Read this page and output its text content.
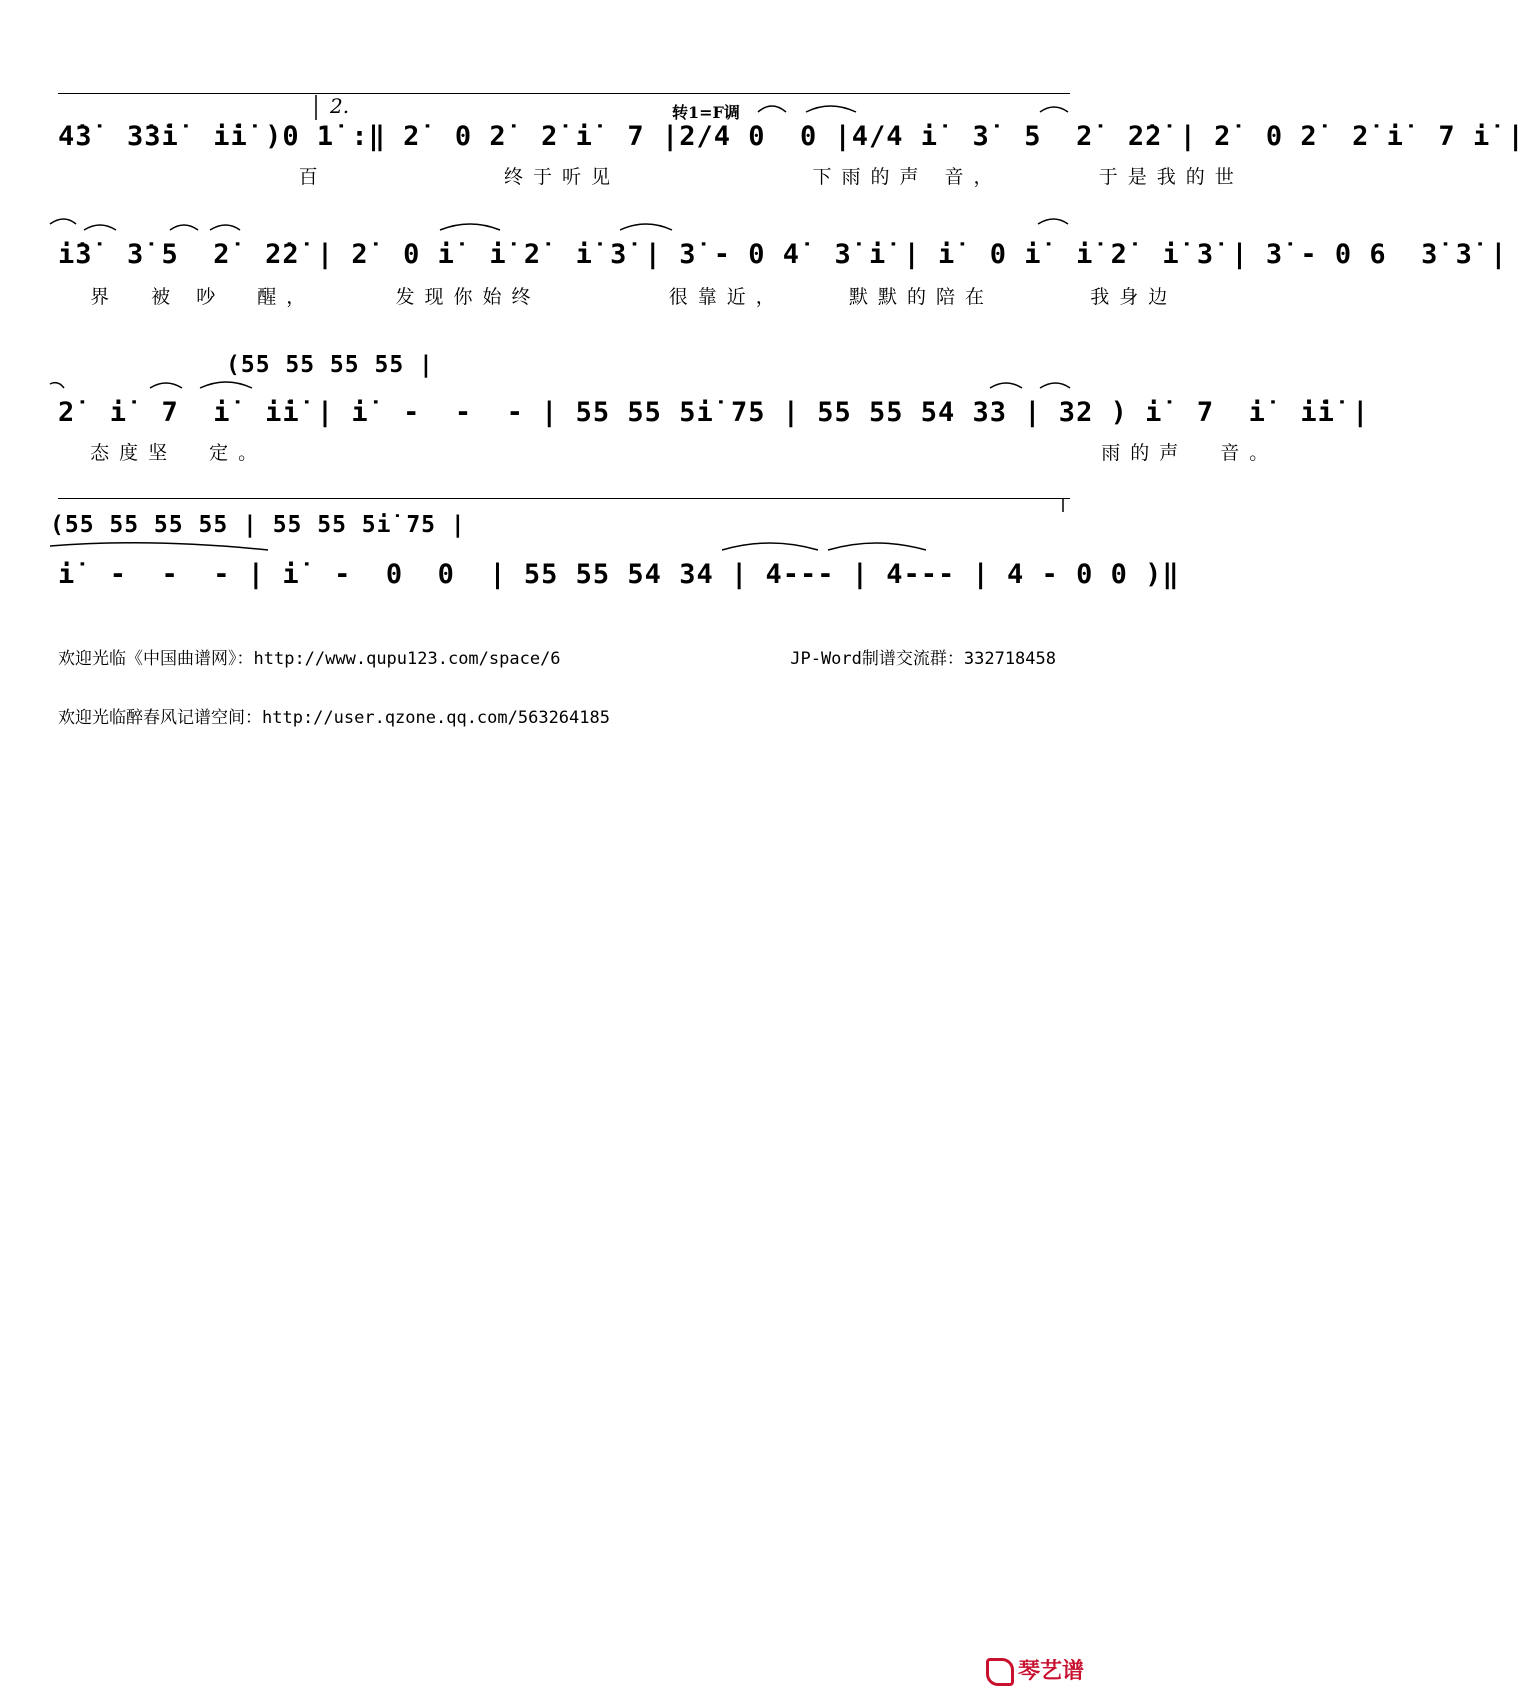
2.	转1=F调
4̇3̇  3̇3̇i̇  i̇i̇ )0 1̇ :‖ 2̇  0 2̇  2̇ i̇  7 |2/4 0  0 |4/4 i̇  3̇  5  2̇  2̇2̇ | 2̇  0 2̇  2̇ i̇  7 i̇ |
百           终于听见            下雨的声 音，      于是我的世
i̇3̇  3̇ 5  2̇  2̇2̇ | 2̇  0 i̇  i̇ 2̇  i̇ 3̇ | 3̇ - 0 4̇  3̇ i̇ | i̇  0 i̇  i̇ 2̇  i̇ 3̇ | 3̇ - 0 6  3̇ 3̇ |
界  被 吵  醒，     发现你始终        很靠近，    默默的陪在      我身边
(55 55 55 55 |
2̇  i̇  7  i̇  i̇i̇ | i̇  -  -  - | 55 55 5i̇ 75 | 55 55 54 33 | 32 ) i̇  7  i̇  i̇i̇ |
态度坚  定。                                                    雨的声  音。
(55 55 55 55 | 55 55 5i̇ 75 |
i̇  -  -  - | i̇  -  0  0  | 55 55 54 34 | 4--- | 4--- | 4 - 0 0 )‖
欢迎光临《中国曲谱网》：http://www.qupu123.com/space/6	JP-Word制谱交流群：332718458
欢迎光临醉春风记谱空间：http://user.qzone.qq.com/563264185
琴艺谱
